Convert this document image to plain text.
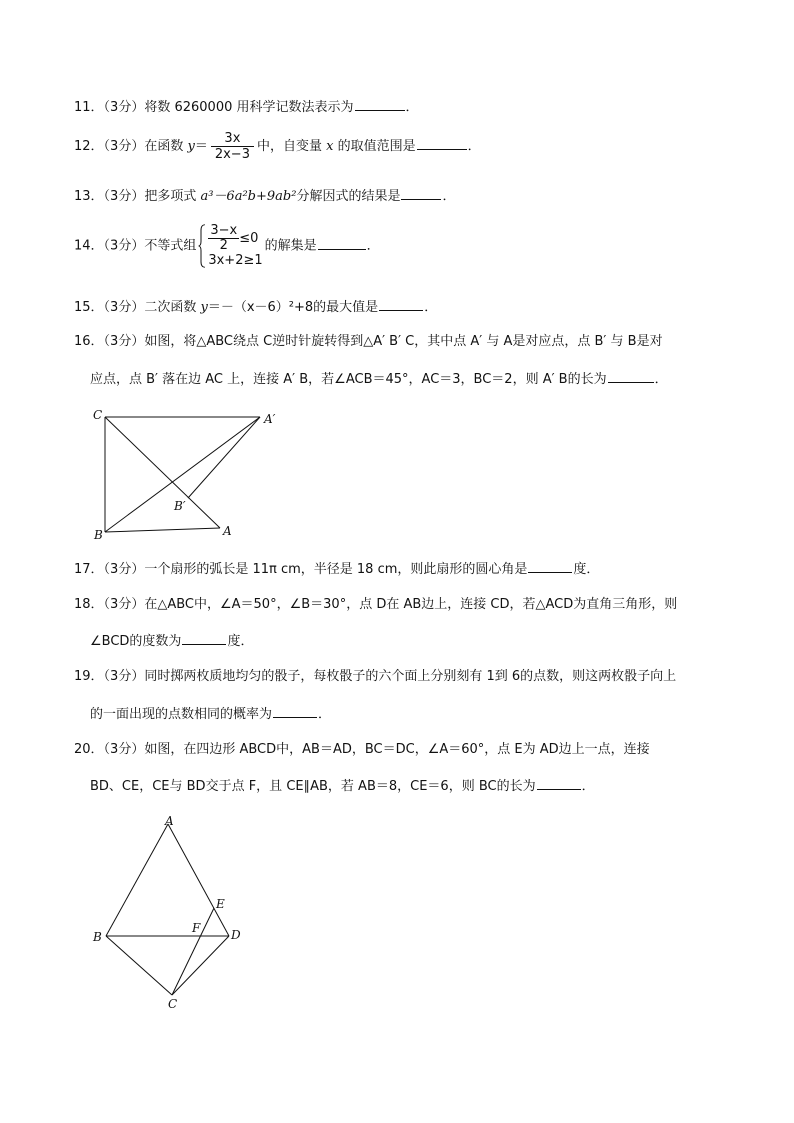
11．（3分）将数 6260000 用科学记数法表示为	．
12．（3分）在函数 $y= \frac{3x}{2x-3}$ 中，自变量 x 的取值范围是	．
13．（3分）把多项式 a³－6a²b+9ab²分解因式的结果是	．
14．（3分）不等式组 $\frac{3-x}{2} \le 0$
3x+2≥1
的解集是	．
15．（3分）二次函数 y＝－（x－6）²+8的最大值是	．
16．（3分）如图，将△ABC绕点 C逆时针旋转得到△A′ B′ C，其中点 A′ 与 A是对应点，点 B′ 与 B是对
应点，点 B′ 落在边 AC 上，连接 A′ B，若∠ACB＝45°，AC＝3，BC＝2，则 A′ B的长为	．
C	A′
B′
B	A
17．（3分）一个扇形的弧长是 11π cm，半径是 18 cm，则此扇形的圆心角是	度．
18．（3分）在△ABC中，∠A＝50°，∠B＝30°，点 D在 AB边上，连接 CD，若△ACD为直角三角形，则
∠BCD的度数为	度．
19．（3分）同时掷两枚质地均匀的骰子，每枚骰子的六个面上分别刻有 1到 6的点数，则这两枚骰子向上
的一面出现的点数相同的概率为	．
20．（3分）如图，在四边形 ABCD中，AB＝AD，BC＝DC，∠A＝60°，点 E为 AD边上一点，连接
BD、CE，CE与 BD交于点 F，且 CE∥AB，若 AB＝8，CE＝6，则 BC的长为	．
A
E
B
F	D
C
